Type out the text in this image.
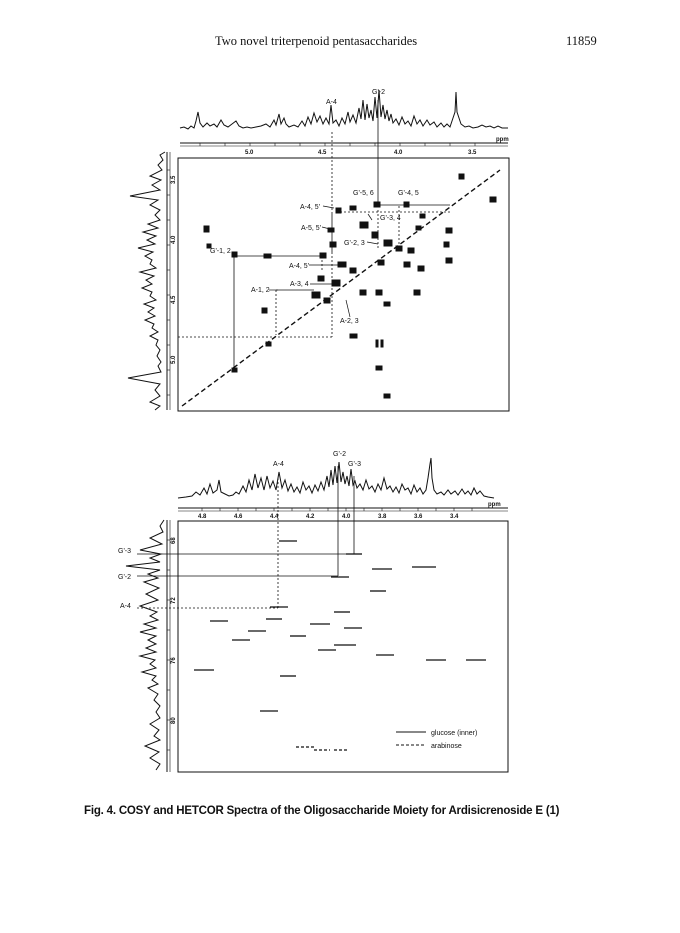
Two novel triterpenoid pentasaccharides	11859
A-4
G'-2
5.0	4.5	4.0	3.5
ppm
3.5
4.0
4.5
5.0
G'-5, 6	G'-4, 5
A-4, 5'
G'-3, 4
A-5, 5'
G'-2, 3
G'-1, 2
A-4, 5'
A-3, 4
A-1, 2
A-2, 3
A-4
G'-2
G'-3
4.8	4.6	4.4	4.2	4.0	3.8	3.6	3.4
ppm
68
72
76
80
G'-3
G'-2
A-4
glucose (inner)
arabinose
Fig. 4. COSY and HETCOR Spectra of the Oligosaccharide Moiety for Ardisicrenoside E (1)
